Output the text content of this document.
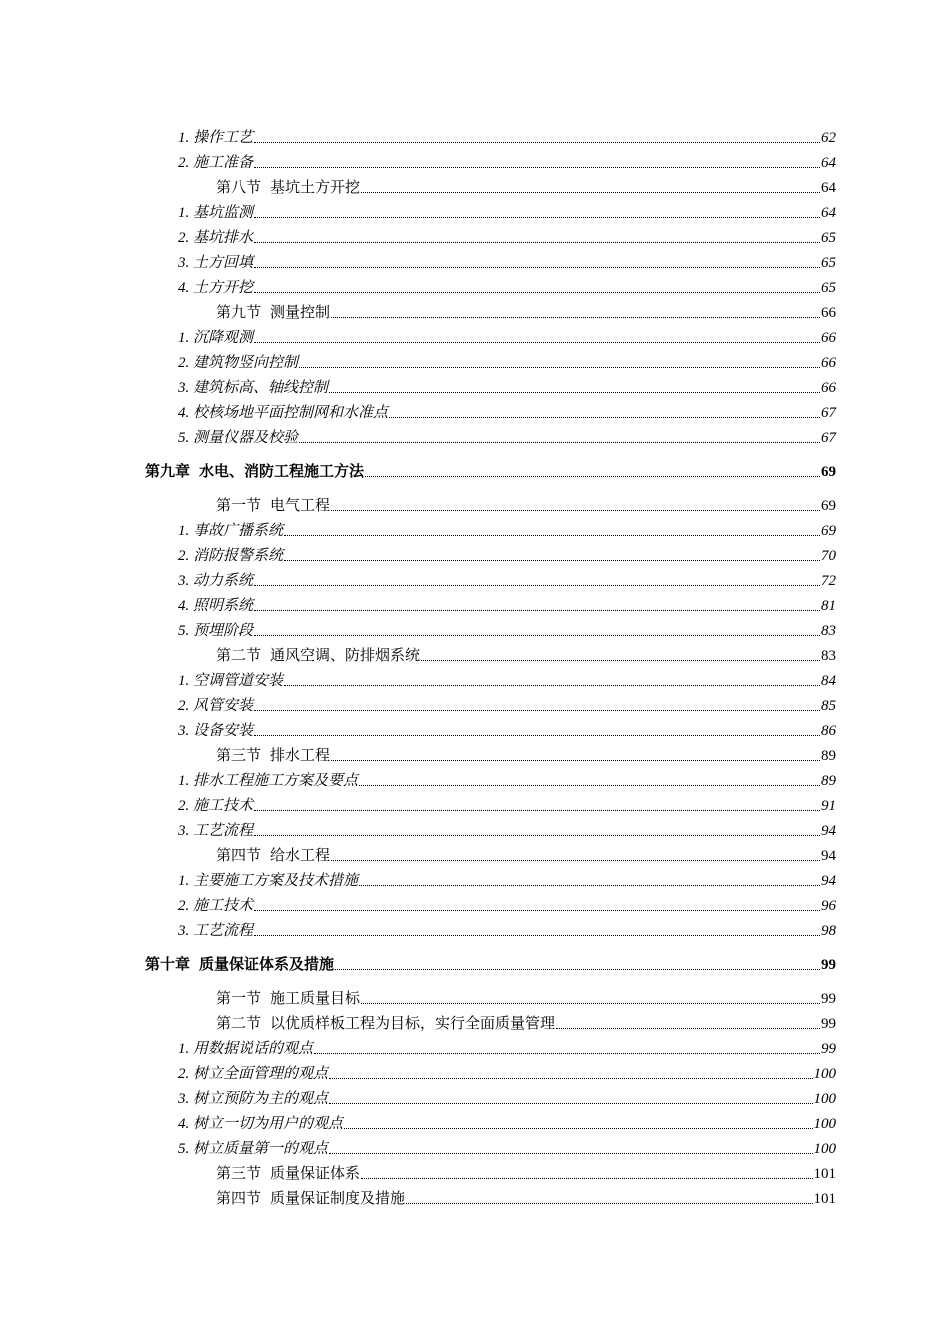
1. 操作工艺	62
2. 施工准备	64
第八节 基坑土方开挖	64
1. 基坑监测	64
2. 基坑排水	65
3. 土方回填	65
4. 土方开挖	65
第九节 测量控制	66
1. 沉降观测	66
2. 建筑物竖向控制	66
3. 建筑标高、轴线控制	66
4. 校核场地平面控制网和水准点	67
5. 测量仪器及校验	67
第九章 水电、消防工程施工方法	69
第一节 电气工程	69
1. 事故广播系统	69
2. 消防报警系统	70
3. 动力系统	72
4. 照明系统	81
5. 预埋阶段	83
第二节 通风空调、防排烟系统	83
1. 空调管道安装	84
2. 风管安装	85
3. 设备安装	86
第三节 排水工程	89
1. 排水工程施工方案及要点	89
2. 施工技术	91
3. 工艺流程	94
第四节 给水工程	94
1. 主要施工方案及技术措施	94
2. 施工技术	96
3. 工艺流程	98
第十章 质量保证体系及措施	99
第一节 施工质量目标	99
第二节 以优质样板工程为目标，实行全面质量管理	99
1. 用数据说话的观点	99
2. 树立全面管理的观点	100
3. 树立预防为主的观点	100
4. 树立一切为用户的观点	100
5. 树立质量第一的观点	100
第三节 质量保证体系	101
第四节 质量保证制度及措施	101
